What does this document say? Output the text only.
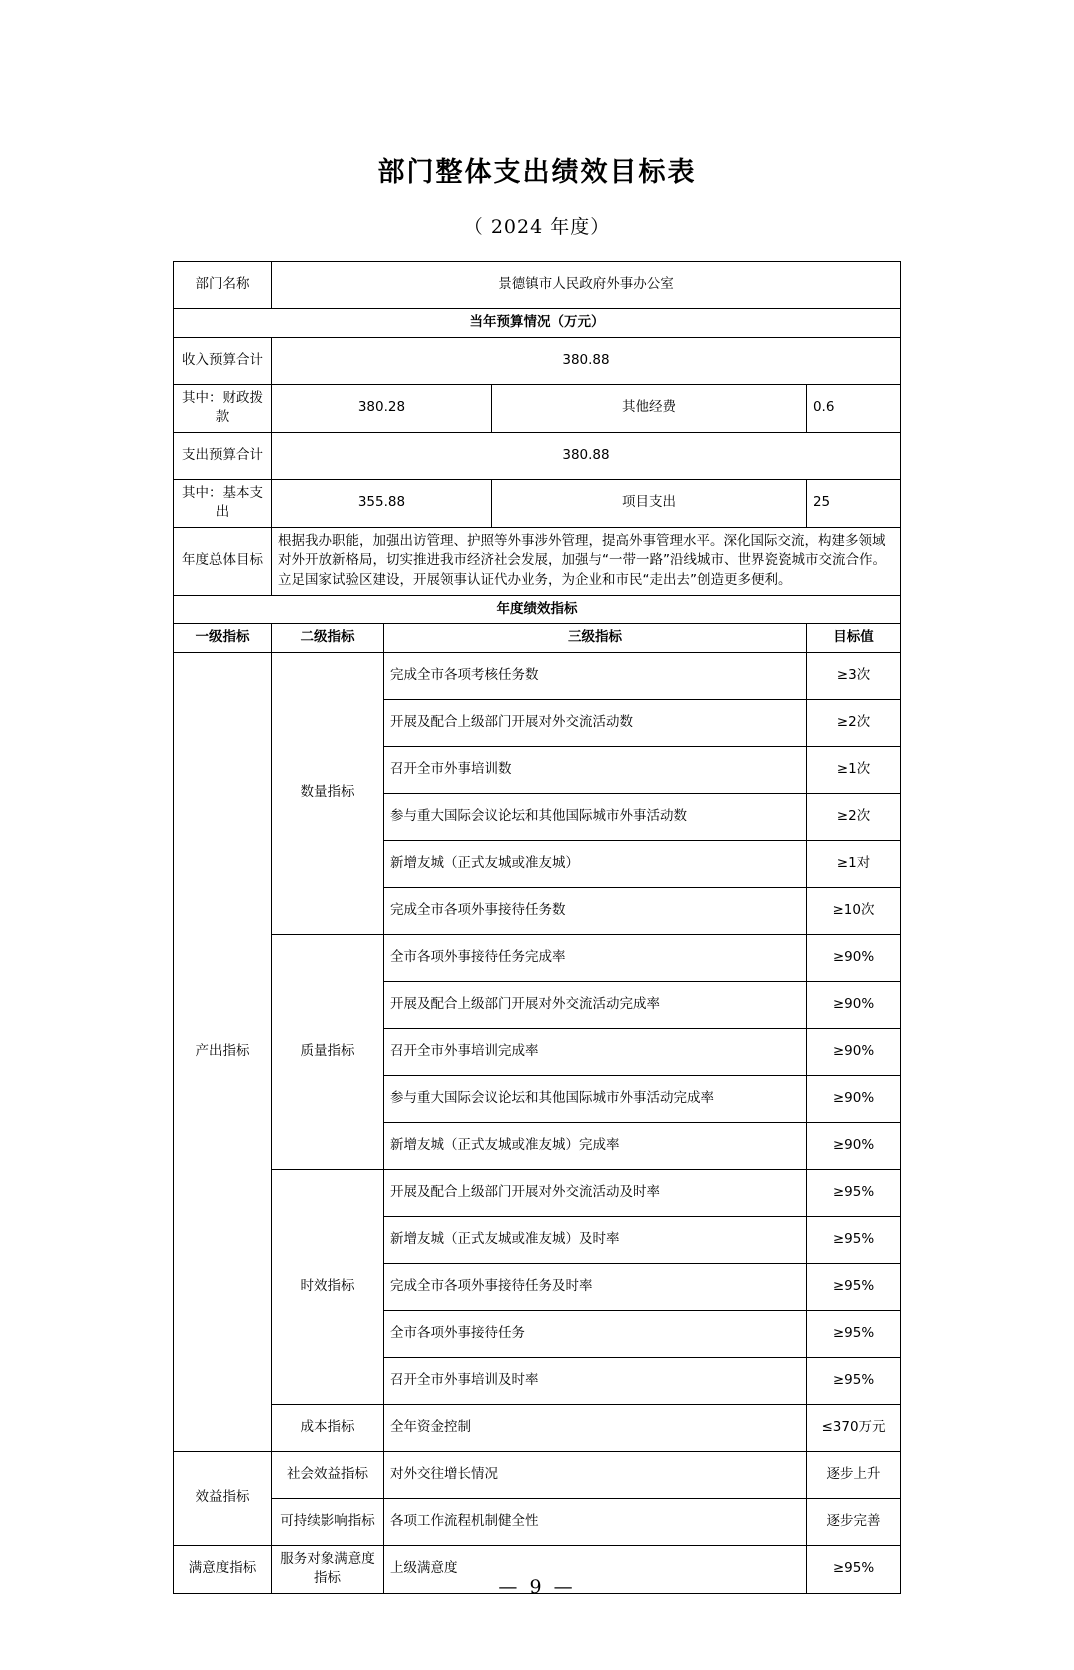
部门整体支出绩效目标表
（ 2024 年度）
部门名称	景德镇市人民政府外事办公室			
当年预算情况（万元）				
收入预算合计	380.88			
其中：财政拨款	380.28		其他经费	0.6
支出预算合计	380.88			
其中：基本支出	355.88		项目支出	25
年度总体目标	根据我办职能，加强出访管理、护照等外事涉外管理，提高外事管理水平。深化国际交流，构建多领域对外开放新格局，切实推进我市经济社会发展，加强与“一带一路”沿线城市、世界瓷瓷城市交流合作。立足国家试验区建设，开展领事认证代办业务，为企业和市民“走出去”创造更多便利。			
年度绩效指标				
一级指标	二级指标	三级指标		目标值
产出指标	数量指标	完成全市各项考核任务数		≥3次
		开展及配合上级部门开展对外交流活动数		≥2次
		召开全市外事培训数		≥1次
		参与重大国际会议论坛和其他国际城市外事活动数		≥2次
		新增友城（正式友城或准友城）		≥1对
		完成全市各项外事接待任务数		≥10次
	质量指标	全市各项外事接待任务完成率		≥90%
		开展及配合上级部门开展对外交流活动完成率		≥90%
		召开全市外事培训完成率		≥90%
		参与重大国际会议论坛和其他国际城市外事活动完成率		≥90%
		新增友城（正式友城或准友城）完成率		≥90%
	时效指标	开展及配合上级部门开展对外交流活动及时率		≥95%
		新增友城（正式友城或准友城）及时率		≥95%
		完成全市各项外事接待任务及时率		≥95%
		全市各项外事接待任务		≥95%
		召开全市外事培训及时率		≥95%
	成本指标	全年资金控制		≤370万元
效益指标	社会效益指标	对外交往增长情况		逐步上升
	可持续影响指标	各项工作流程机制健全性		逐步完善
满意度指标	服务对象满意度指标	上级满意度		≥95%
— 9 —
